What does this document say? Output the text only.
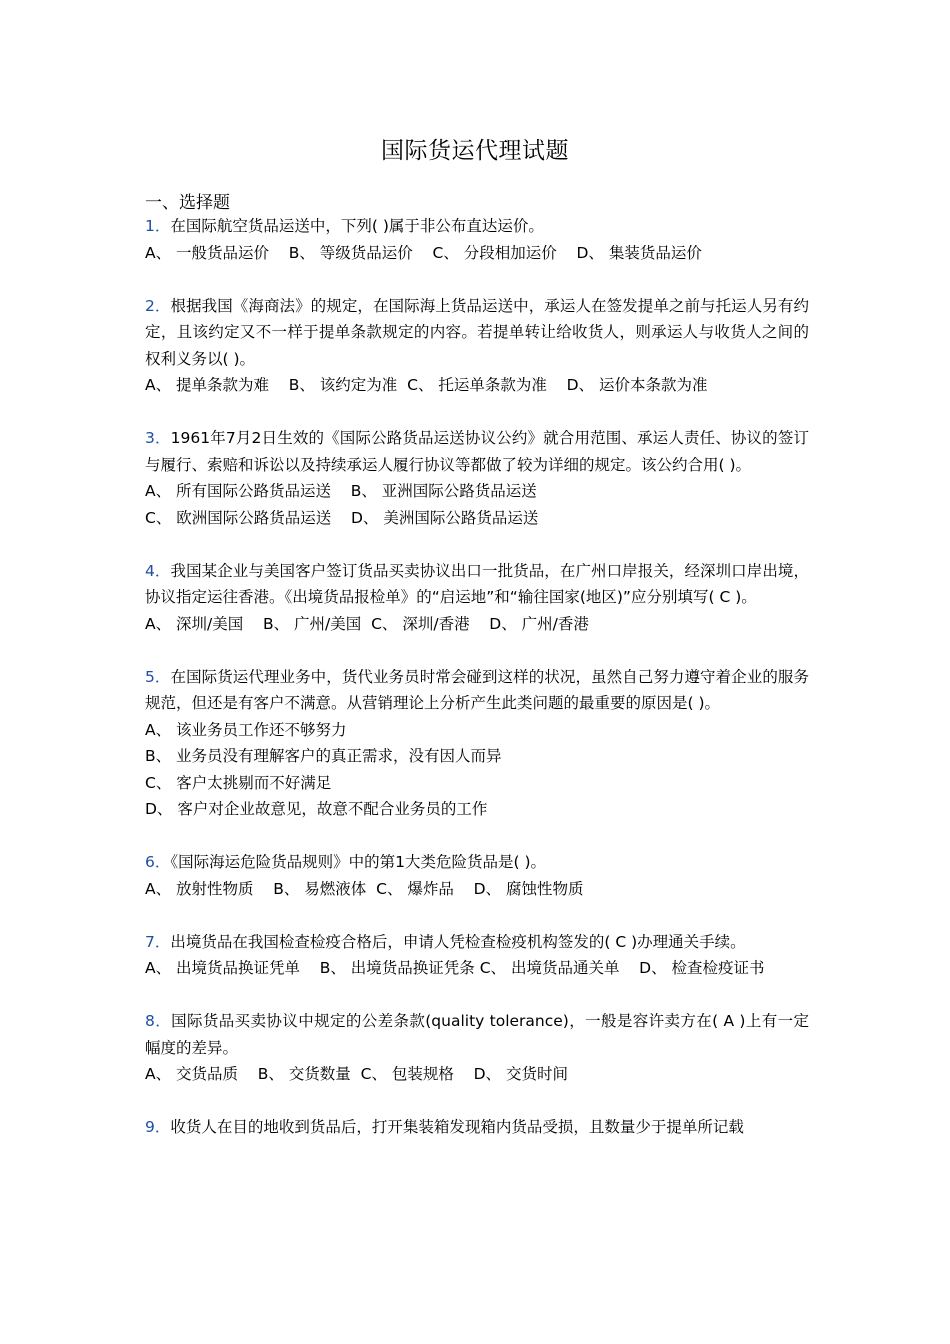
国际货运代理试题
一、选择题
1．在国际航空货品运送中，下列( )属于非公布直达运价。
A、 一般货品运价    B、 等级货品运价    C、 分段相加运价    D、 集装货品运价
2．根据我国《海商法》的规定，在国际海上货品运送中，承运人在签发提单之前与托运人另有约定，且该约定又不一样于提单条款规定的内容。若提单转让给收货人，则承运人与收货人之间的权利义务以( )。
A、 提单条款为难    B、 该约定为准  C、 托运单条款为准    D、 运价本条款为准
3．1961年7月2日生效的《国际公路货品运送协议公约》就合用范围、承运人责任、协议的签订与履行、索赔和诉讼以及持续承运人履行协议等都做了较为详细的规定。该公约合用( )。
A、 所有国际公路货品运送    B、 亚洲国际公路货品运送
C、 欧洲国际公路货品运送    D、 美洲国际公路货品运送
4．我国某企业与美国客户签订货品买卖协议出口一批货品，在广州口岸报关，经深圳口岸出境，协议指定运往香港。《出境货品报检单》的“启运地”和“输往国家(地区)”应分别填写( C )。
A、 深圳/美国    B、 广州/美国  C、 深圳/香港    D、 广州/香港
5．在国际货运代理业务中，货代业务员时常会碰到这样的状况，虽然自己努力遵守着企业的服务规范，但还是有客户不满意。从营销理论上分析产生此类问题的最重要的原因是( )。
A、 该业务员工作还不够努力
B、 业务员没有理解客户的真正需求，没有因人而异
C、 客户太挑剔而不好满足
D、 客户对企业故意见，故意不配合业务员的工作
6．《国际海运危险货品规则》中的第1大类危险货品是( )。
A、 放射性物质    B、 易燃液体  C、 爆炸品    D、 腐蚀性物质
7．出境货品在我国检查检疫合格后，申请人凭检查检疫机构签发的( C )办理通关手续。
A、 出境货品换证凭单    B、 出境货品换证凭条 C、 出境货品通关单    D、 检查检疫证书
8．国际货品买卖协议中规定的公差条款(quality tolerance)，一般是容许卖方在( A )上有一定幅度的差异。
A、 交货品质    B、 交货数量  C、 包装规格    D、 交货时间
9．收货人在目的地收到货品后，打开集装箱发现箱内货品受损，且数量少于提单所记载
